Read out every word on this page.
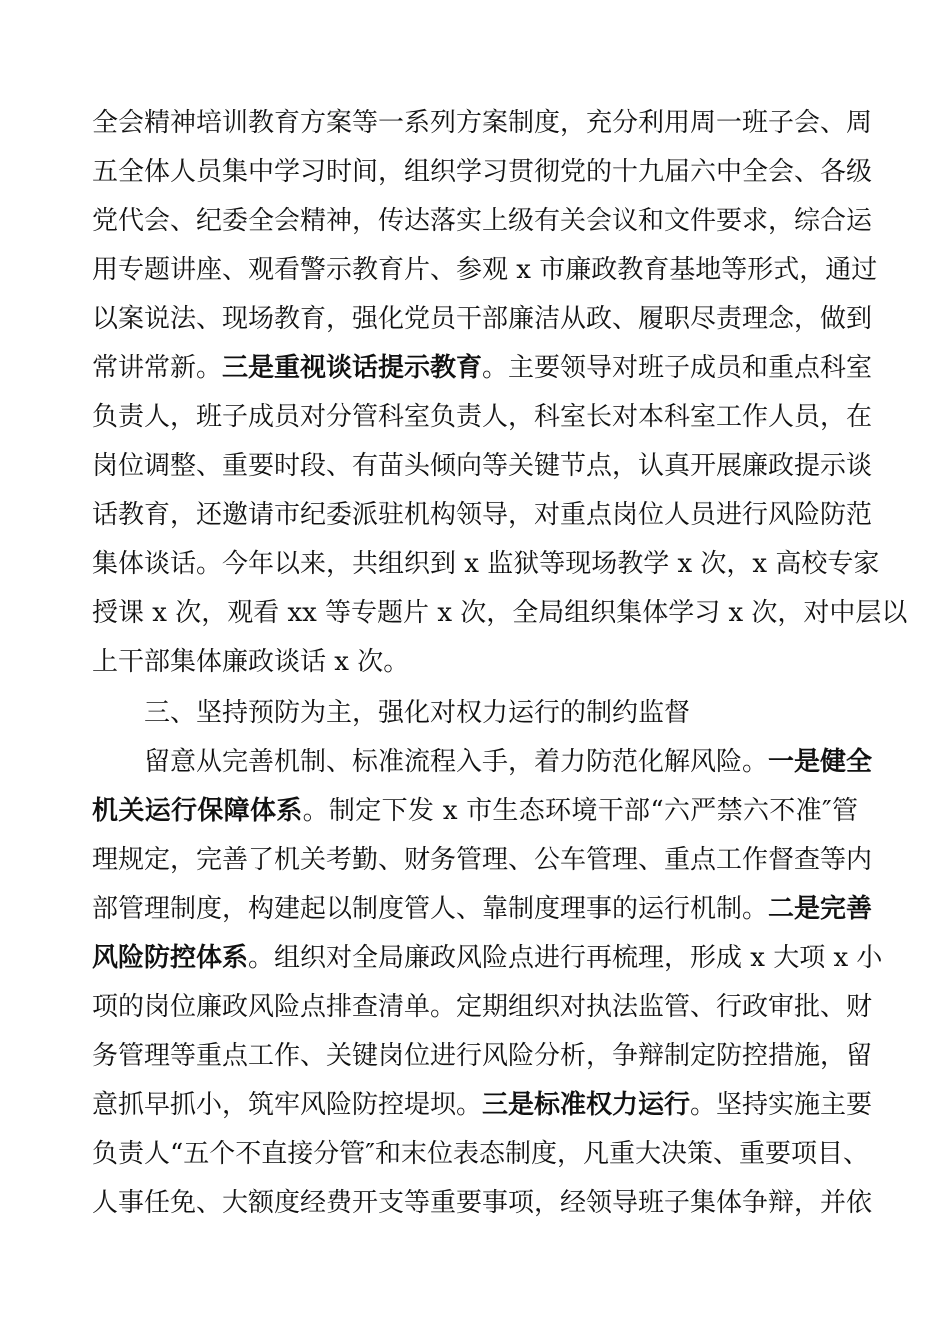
全会精神培训教育方案等一系列方案制度，充分利用周一班子会、周
五全体人员集中学习时间，组织学习贯彻党的十九届六中全会、各级
党代会、纪委全会精神，传达落实上级有关会议和文件要求，综合运
用专题讲座、观看警示教育片、参观 x 市廉政教育基地等形式，通过
以案说法、现场教育，强化党员干部廉洁从政、履职尽责理念，做到
常讲常新。三是重视谈话提示教育。主要领导对班子成员和重点科室
负责人，班子成员对分管科室负责人，科室长对本科室工作人员，在
岗位调整、重要时段、有苗头倾向等关键节点，认真开展廉政提示谈
话教育，还邀请市纪委派驻机构领导，对重点岗位人员进行风险防范
集体谈话。今年以来，共组织到 x 监狱等现场教学 x 次，x 高校专家
授课 x 次，观看 xx 等专题片 x 次，全局组织集体学习 x 次，对中层以
上干部集体廉政谈话 x 次。
三、坚持预防为主，强化对权力运行的制约监督
留意从完善机制、标准流程入手，着力防范化解风险。一是健全
机关运行保障体系。制定下发 x 市生态环境干部“六严禁六不准″管
理规定，完善了机关考勤、财务管理、公车管理、重点工作督查等内
部管理制度，构建起以制度管人、靠制度理事的运行机制。二是完善
风险防控体系。组织对全局廉政风险点进行再梳理，形成 x 大项 x 小
项的岗位廉政风险点排查清单。定期组织对执法监管、行政审批、财
务管理等重点工作、关键岗位进行风险分析，争辩制定防控措施，留
意抓早抓小，筑牢风险防控堤坝。三是标准权力运行。坚持实施主要
负责人“五个不直接分管″和末位表态制度，凡重大决策、重要项目、
人事任免、大额度经费开支等重要事项，经领导班子集体争辩，并依
